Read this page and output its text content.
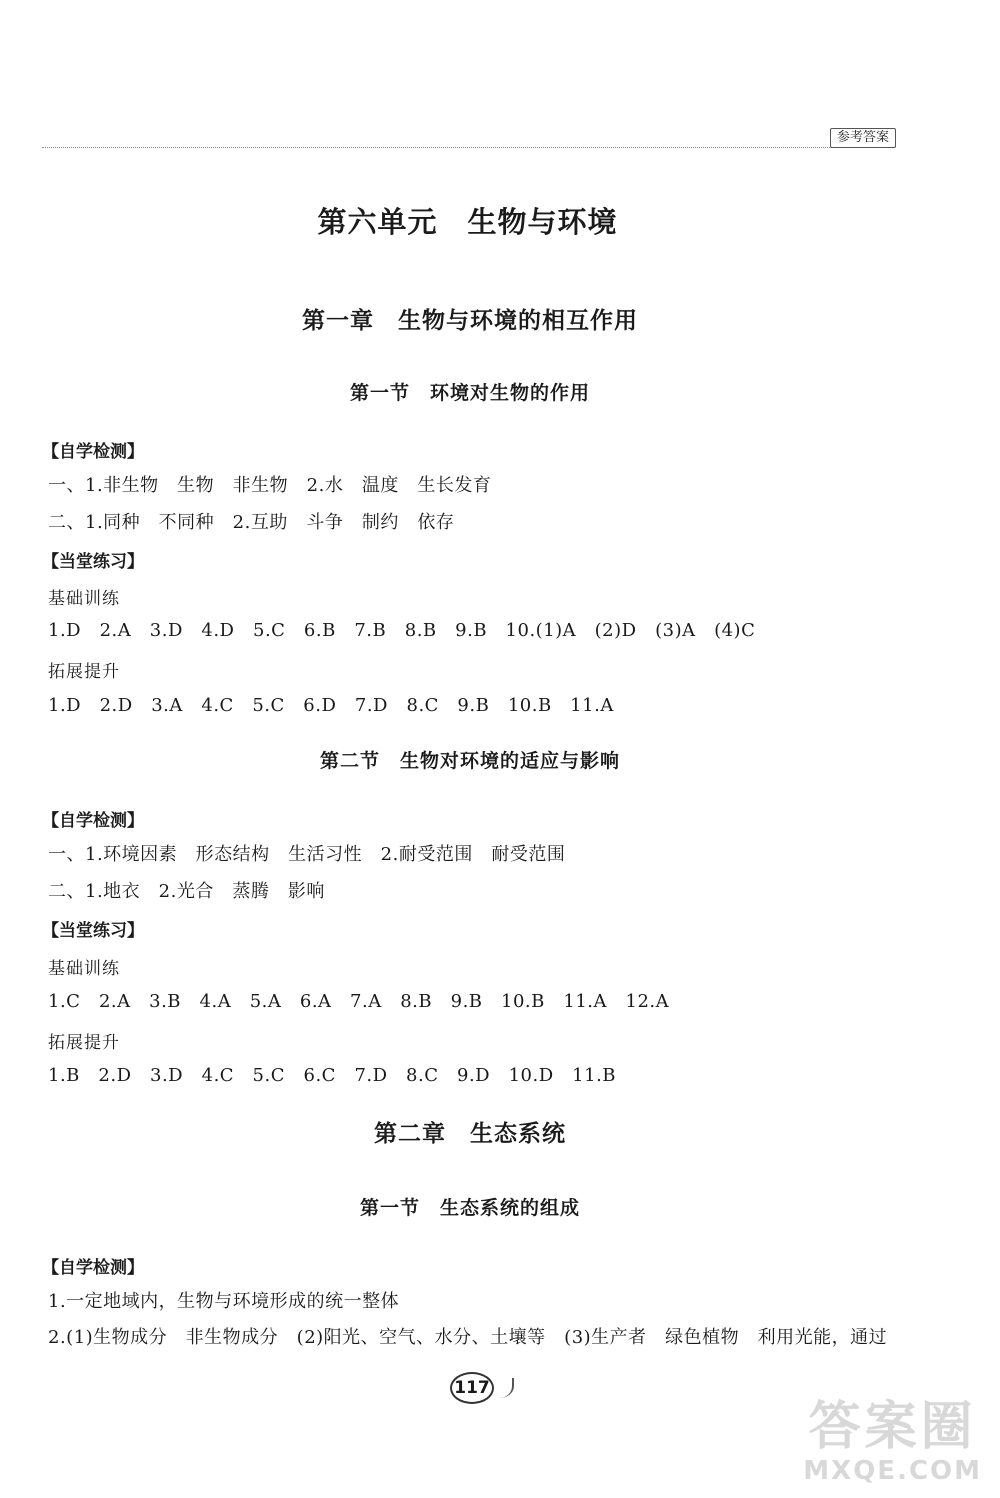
参考答案
第六单元　生物与环境
第一章　生物与环境的相互作用
第一节　环境对生物的作用
【自学检测】
一、1.非生物　生物　非生物　2.水　温度　生长发育
二、1.同种　不同种　2.互助　斗争　制约　依存
【当堂练习】
基础训练
1.D　2.A　3.D　4.D　5.C　6.B　7.B　8.B　9.B　10.(1)A　(2)D　(3)A　(4)C
拓展提升
1.D　2.D　3.A　4.C　5.C　6.D　7.D　8.C　9.B　10.B　11.A
第二节　生物对环境的适应与影响
【自学检测】
一、1.环境因素　形态结构　生活习性　2.耐受范围　耐受范围
二、1.地衣　2.光合　蒸腾　影响
【当堂练习】
基础训练
1.C　2.A　3.B　4.A　5.A　6.A　7.A　8.B　9.B　10.B　11.A　12.A
拓展提升
1.B　2.D　3.D　4.C　5.C　6.C　7.D　8.C　9.D　10.D　11.B
第二章　生态系统
第一节　生态系统的组成
【自学检测】
1.一定地域内，生物与环境形成的统一整体
2.(1)生物成分　非生物成分　(2)阳光、空气、水分、土壤等　(3)生产者　绿色植物　利用光能，通过
117
答案圈
MXQE.COM
